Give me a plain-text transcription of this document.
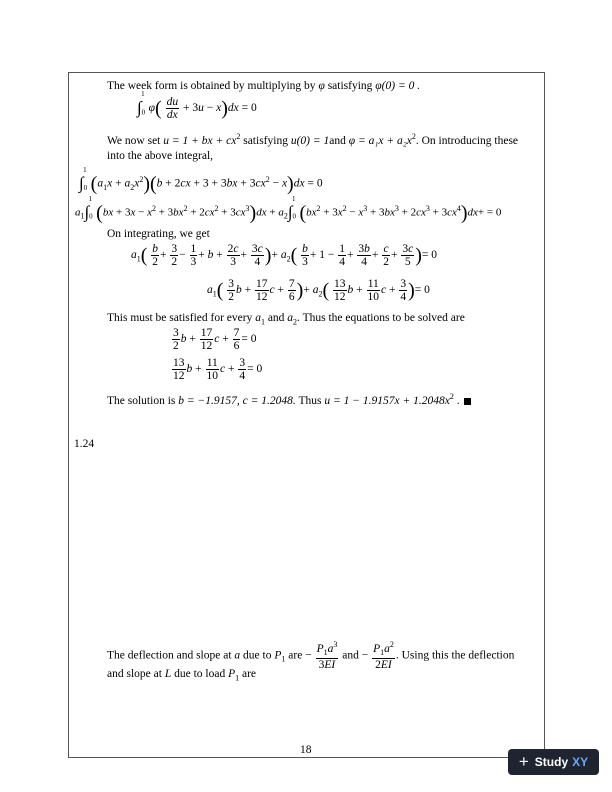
The week form is obtained by multiplying by φ satisfying φ(0) = 0 .
$\int_0^1\varphi( \frac{du}{dx} + 3u - x)dx = 0$
We now set u = 1 + bx + $cx^2$ satisfying u(0) = 1and $\varphi = a_1x + a_2x^2$. On introducing these
into the above integral,
$\int_0^1(a_1x + a_2x^2)(b + 2cx + 3 + 3bx + 3cx^2 - x)dx = 0$
$a_1\int_0^1(bx + 3x - x^2 + 3bx^2 + 2cx^2 + 3cx^3)dx + a_2\int_0^1(bx^2 + 3x^2 - x^3 + 3bx^3 + 2cx^3 + 3cx^4)dx+ = 0$
On integrating, we get
$a_1( \frac{b}{2} + \frac{3}{2} - \frac{1}{3} + b + \frac{2c}{3} + \frac{3c}{4}$ )+ $a_2( \frac{b}{3} + 1 - \frac{1}{4} + \frac{3b}{4} + \frac{c}{2} + \frac{3c}{5}$ )= 0
$a_1( \frac{3}{2}$ $b + \frac{17}{12}$ $c + \frac{7}{6}$ )+ $a_2( \frac{13}{12}$ $b + \frac{11}{10}$ $c + \frac{3}{4}$ )= 0
This must be satisfied for every $a_1$ and $a_2$. Thus the equations to be solved are
$\frac{3}{2}$ $b + \frac{17}{12}$ $c + \frac{7}{6} = 0$
$\frac{13}{12}$ $b + \frac{11}{10}$ $c + \frac{3}{4} = 0$
The solution is b = −1.9157, c = 1.2048. Thus $u = 1 - 1.9157x + 1.2048x^2$ .
1.24
The deflection and slope at a due to $P_1$ are − $\frac{P_1a^3}{3EI}$ and − $\frac{P_1a^2}{2EI}$ . Using this the deflection
and slope at L due to load $P_1$ are
18
+ Study XY
